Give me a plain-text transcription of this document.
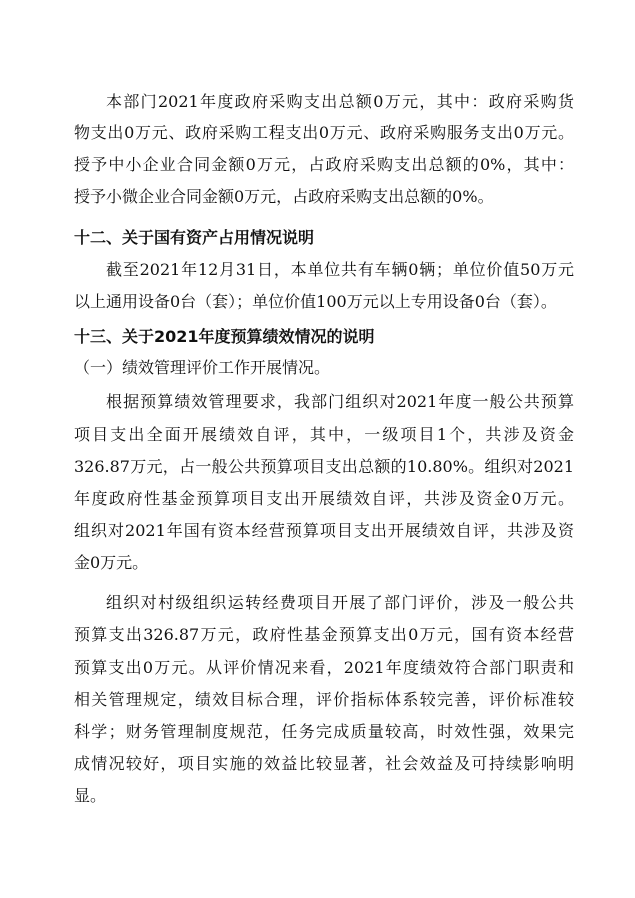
本部门2021年度政府采购支出总额0万元，其中：政府采购货
物支出0万元、政府采购工程支出0万元、政府采购服务支出0万元。
授予中小企业合同金额0万元，占政府采购支出总额的0%，其中：
授予小微企业合同金额0万元，占政府采购支出总额的0%。
十二、关于国有资产占用情况说明
截至2021年12月31日，本单位共有车辆0辆；单位价值50万元
以上通用设备0台（套）；单位价值100万元以上专用设备0台（套）。
十三、关于2021年度预算绩效情况的说明
（一）绩效管理评价工作开展情况。
根据预算绩效管理要求，我部门组织对2021年度一般公共预算
项目支出全面开展绩效自评，其中，一级项目1个，共涉及资金
326.87万元，占一般公共预算项目支出总额的10.80%。组织对2021
年度政府性基金预算项目支出开展绩效自评，共涉及资金0万元。
组织对2021年国有资本经营预算项目支出开展绩效自评，共涉及资
金0万元。
组织对村级组织运转经费项目开展了部门评价，涉及一般公共
预算支出326.87万元，政府性基金预算支出0万元，国有资本经营
预算支出0万元。从评价情况来看，2021年度绩效符合部门职责和
相关管理规定，绩效目标合理，评价指标体系较完善，评价标准较
科学；财务管理制度规范，任务完成质量较高，时效性强，效果完
成情况较好，项目实施的效益比较显著，社会效益及可持续影响明
显。
